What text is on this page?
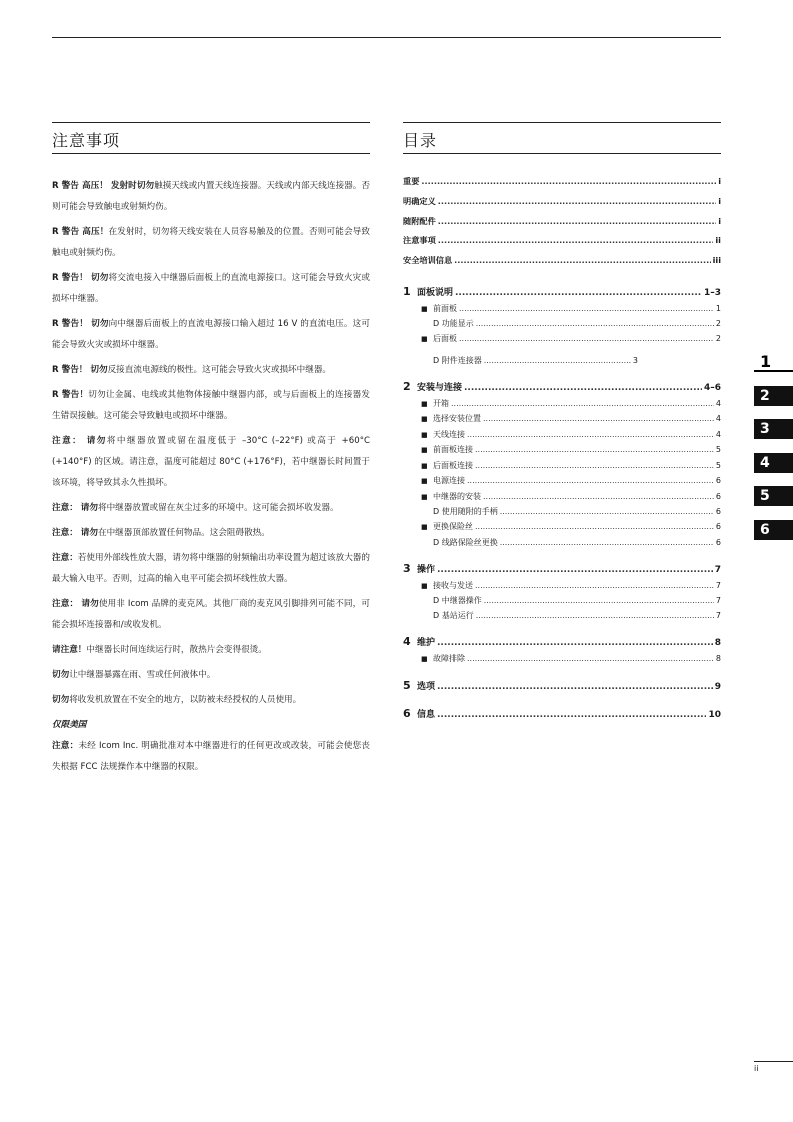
注意事项

R 警告 高压！ 发射时切勿触摸天线或内置天线连接器。天线或内部天线连接器。否则可能会导致触电或射频灼伤。

R 警告 高压！在发射时，切勿将天线安装在人员容易触及的位置。否则可能会导致触电或射频灼伤。

R 警告！ 切勿将交流电接入中继器后面板上的直流电源接口。这可能会导致火灾或损坏中继器。

R 警告！ 切勿向中继器后面板上的直流电源接口输入超过 16 V 的直流电压。这可能会导致火灾或损坏中继器。

R 警告！ 切勿反接直流电源线的极性。这可能会导致火灾或损坏中继器。

R 警告！切勿让金属、电线或其他物体接触中继器内部，或与后面板上的连接器发生错误接触。这可能会导致触电或损坏中继器。

注意： 请勿将中继器放置或留在温度低于 –30°C (–22°F) 或高于 +60°C (+140°F) 的区域。请注意，温度可能超过 80°C (+176°F)，若中继器长时间置于该环境，将导致其永久性损坏。

注意： 请勿将中继器放置或留在灰尘过多的环境中。这可能会损坏收发器。

注意： 请勿在中继器顶部放置任何物品。这会阻碍散热。

注意：若使用外部线性放大器，请勿将中继器的射频输出功率设置为超过该放大器的最大输入电平。否则，过高的输入电平可能会损坏线性放大器。

注意： 请勿使用非 Icom 品牌的麦克风。其他厂商的麦克风引脚排列可能不同，可能会损坏连接器和/或收发机。

请注意！中继器长时间连续运行时，散热片会变得很烫。

切勿让中继器暴露在雨、雪或任何液体中。

切勿将收发机放置在不安全的地方，以防被未经授权的人员使用。

仅限美国

注意：未经 Icom Inc. 明确批准对本中继器进行的任何更改或改装，可能会使您丧失根据 FCC 法规操作本中继器的权限。

目录
重要 .....	i
明确定义 .....	i
随附配件 .....	i
注意事项 .....	ii
安全培训信息 .....	iii
1 面板说明 .....	1–3
■ 前面板 .....	1
D 功能显示 .....	2
■ 后面板 .....	2
D 附件连接器 .....	3
2 安装与连接 .....	4–6
■ 开箱 .....	4
■ 选择安装位置 .....	4
■ 天线连接 .....	4
■ 前面板连接 .....	5
■ 后面板连接 .....	5
■ 电源连接 .....	6
■ 中继器的安装 .....	6
D 使用随附的手柄 .....	6
■ 更换保险丝 .....	6
D 线路保险丝更换 .....	6
3 操作 .....	7
■ 接收与发送 .....	7
D 中继器操作 .....	7
D 基站运行 .....	7
4 维护 .....	8
■ 故障排除 .....	8
5 选项 .....	9
6 信息 .....	10
1
2
3
4
5
6
ii
